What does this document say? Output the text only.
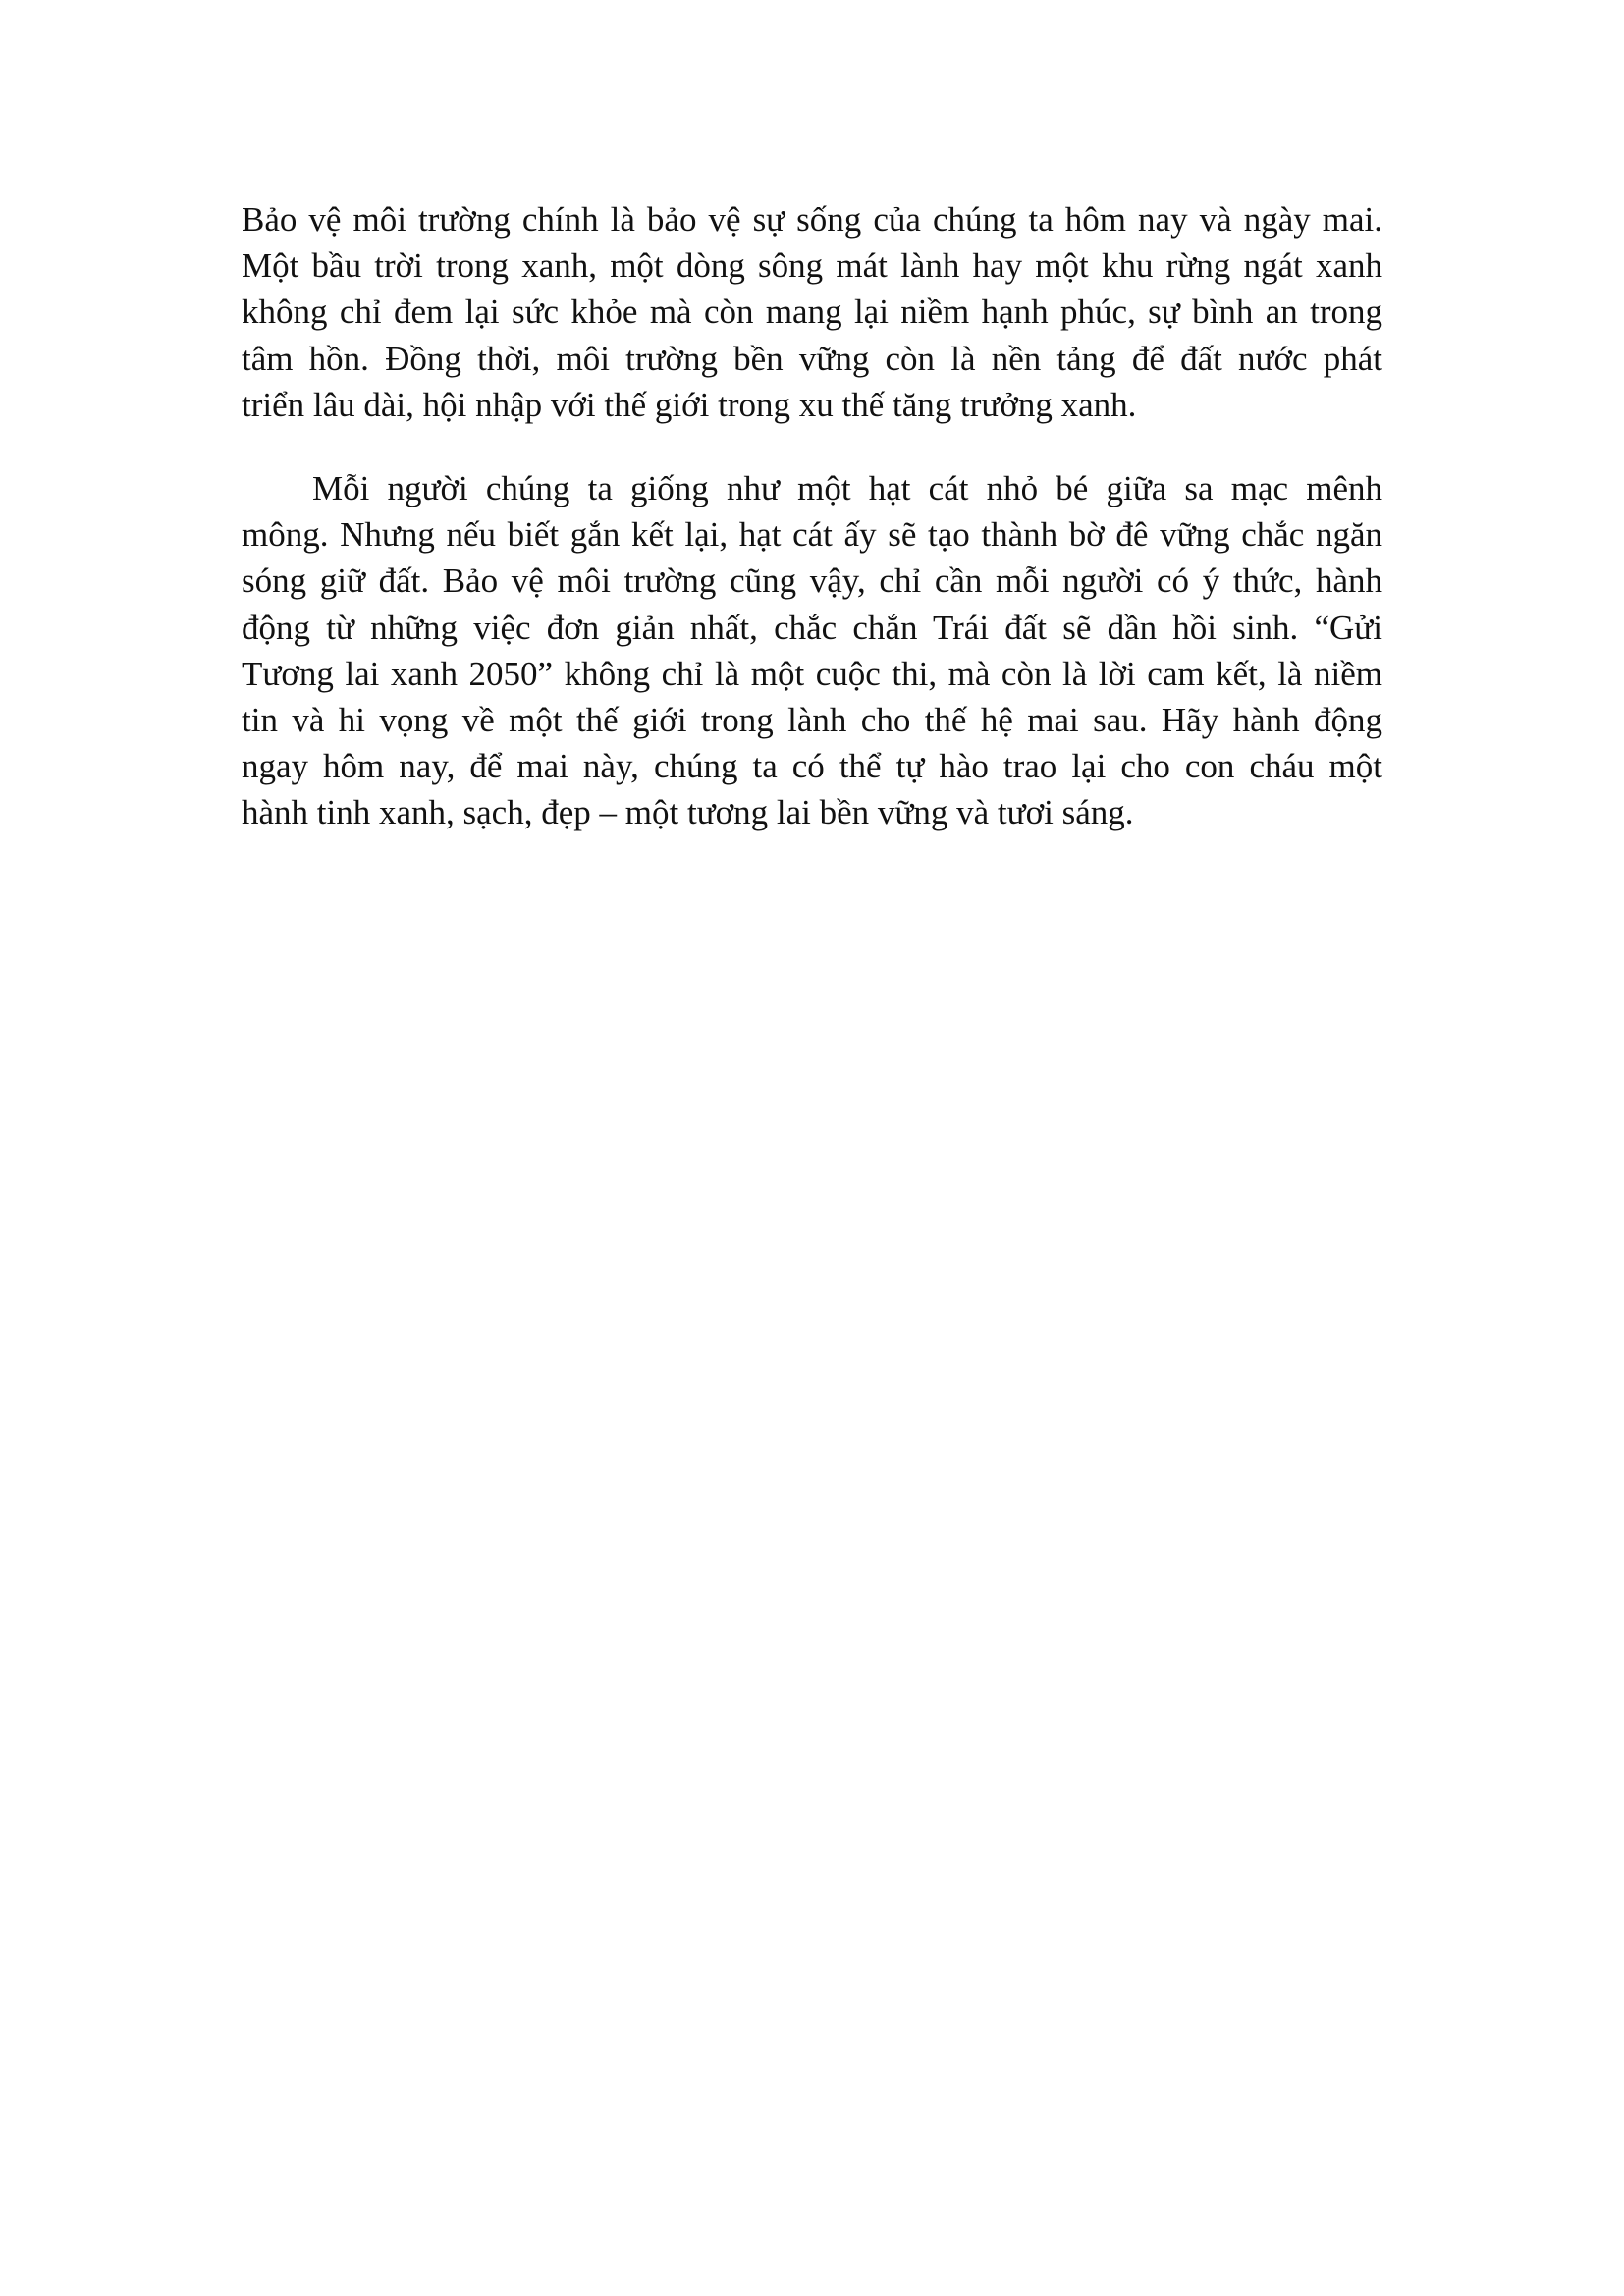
Bảo vệ môi trường chính là bảo vệ sự sống của chúng ta hôm nay và ngày mai.
Một bầu trời trong xanh, một dòng sông mát lành hay một khu rừng ngát xanh
không chỉ đem lại sức khỏe mà còn mang lại niềm hạnh phúc, sự bình an trong
tâm hồn. Đồng thời, môi trường bền vững còn là nền tảng để đất nước phát
triển lâu dài, hội nhập với thế giới trong xu thế tăng trưởng xanh.

Mỗi người chúng ta giống như một hạt cát nhỏ bé giữa sa mạc mênh
mông. Nhưng nếu biết gắn kết lại, hạt cát ấy sẽ tạo thành bờ đê vững chắc ngăn
sóng giữ đất. Bảo vệ môi trường cũng vậy, chỉ cần mỗi người có ý thức, hành
động từ những việc đơn giản nhất, chắc chắn Trái đất sẽ dần hồi sinh. “Gửi
Tương lai xanh 2050” không chỉ là một cuộc thi, mà còn là lời cam kết, là niềm
tin và hi vọng về một thế giới trong lành cho thế hệ mai sau. Hãy hành động
ngay hôm nay, để mai này, chúng ta có thể tự hào trao lại cho con cháu một
hành tinh xanh, sạch, đẹp – một tương lai bền vững và tươi sáng.
